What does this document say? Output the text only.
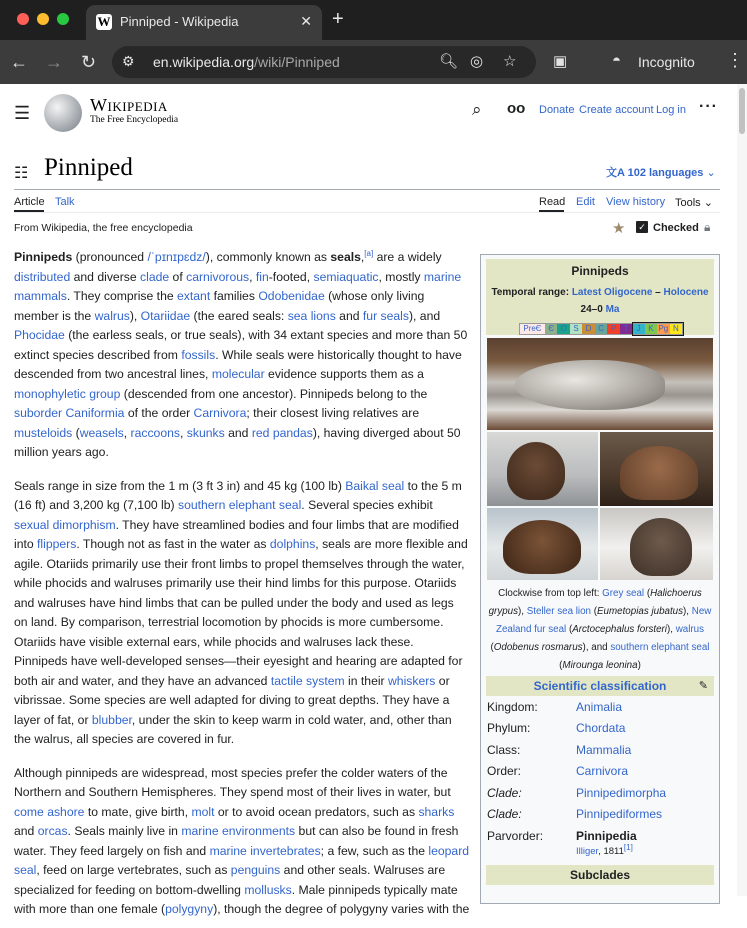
W Pinniped - Wikipedia	✕ +
← → ↻ ⚙ en.wikipedia.org/wiki/Pinniped	🔍︎ ◎ ☆ ▣	◓ Incognito ⋮
☰	Wikipedia
The Free Encyclopedia
⌕ oo Donate Create account Log in ···
☷ Pinniped	文A 102 languages ⌄
Article Talk	Read Edit View history Tools ⌄
From Wikipedia, the free encyclopedia	★ ✓ Checked 🔒︎

Pinnipeds (pronounced /ˈpɪnɪpɛdz/), commonly known as seals,[a] are a widely distributed and diverse clade of carnivorous, fin-footed, semiaquatic, mostly marine mammals. They comprise the extant families Odobenidae (whose only living member is the walrus), Otariidae (the eared seals: sea lions and fur seals), and Phocidae (the earless seals, or true seals), with 34 extant species and more than 50 extinct species described from fossils. While seals were historically thought to have descended from two ancestral lines, molecular evidence supports them as a monophyletic group (descended from one ancestor). Pinnipeds belong to the suborder Caniformia of the order Carnivora; their closest living relatives are musteloids (weasels, raccoons, skunks and red pandas), having diverged about 50 million years ago.

Seals range in size from the 1 m (3 ft 3 in) and 45 kg (100 lb) Baikal seal to the 5 m (16 ft) and 3,200 kg (7,100 lb) southern elephant seal. Several species exhibit sexual dimorphism. They have streamlined bodies and four limbs that are modified into flippers. Though not as fast in the water as dolphins, seals are more flexible and agile. Otariids primarily use their front limbs to propel themselves through the water, while phocids and walruses primarily use their hind limbs for this purpose. Otariids and walruses have hind limbs that can be pulled under the body and used as legs on land. By comparison, terrestrial locomotion by phocids is more cumbersome. Otariids have visible external ears, while phocids and walruses lack these. Pinnipeds have well-developed senses—their eyesight and hearing are adapted for both air and water, and they have an advanced tactile system in their whiskers or vibrissae. Some species are well adapted for diving to great depths. They have a layer of fat, or blubber, under the skin to keep warm in cold water, and, other than the walrus, all species are covered in fur.

Although pinnipeds are widespread, most species prefer the colder waters of the Northern and Southern Hemispheres. They spend most of their lives in water, but come ashore to mate, give birth, molt or to avoid ocean predators, such as sharks and orcas. Seals mainly live in marine environments but can also be found in fresh water. They feed largely on fish and marine invertebrates; a few, such as the leopard seal, feed on large vertebrates, such as penguins and other seals. Walruses are specialized for feeding on bottom-dwelling mollusks. Male pinnipeds typically mate with more than one female (polygyny), though the degree of polygyny varies with the

Pinnipeds
Temporal range: Latest Oligocene – Holocene
24–0 Ma
PreЄ Є O S D C P T	J K Pg N
Clockwise from top left: Grey seal (Halichoerus grypus), Steller sea lion (Eumetopias jubatus), New Zealand fur seal (Arctocephalus forsteri), walrus (Odobenus rosmarus), and southern elephant seal (Mirounga leonina)
Scientific classification	✎
Kingdom:	Animalia
Phylum:	Chordata
Class:	Mammalia
Order:	Carnivora
Clade:	Pinnipedimorpha
Clade:	Pinnipediformes
Parvorder:	Pinnipedia
Illiger, 1811[1]
Subclades
